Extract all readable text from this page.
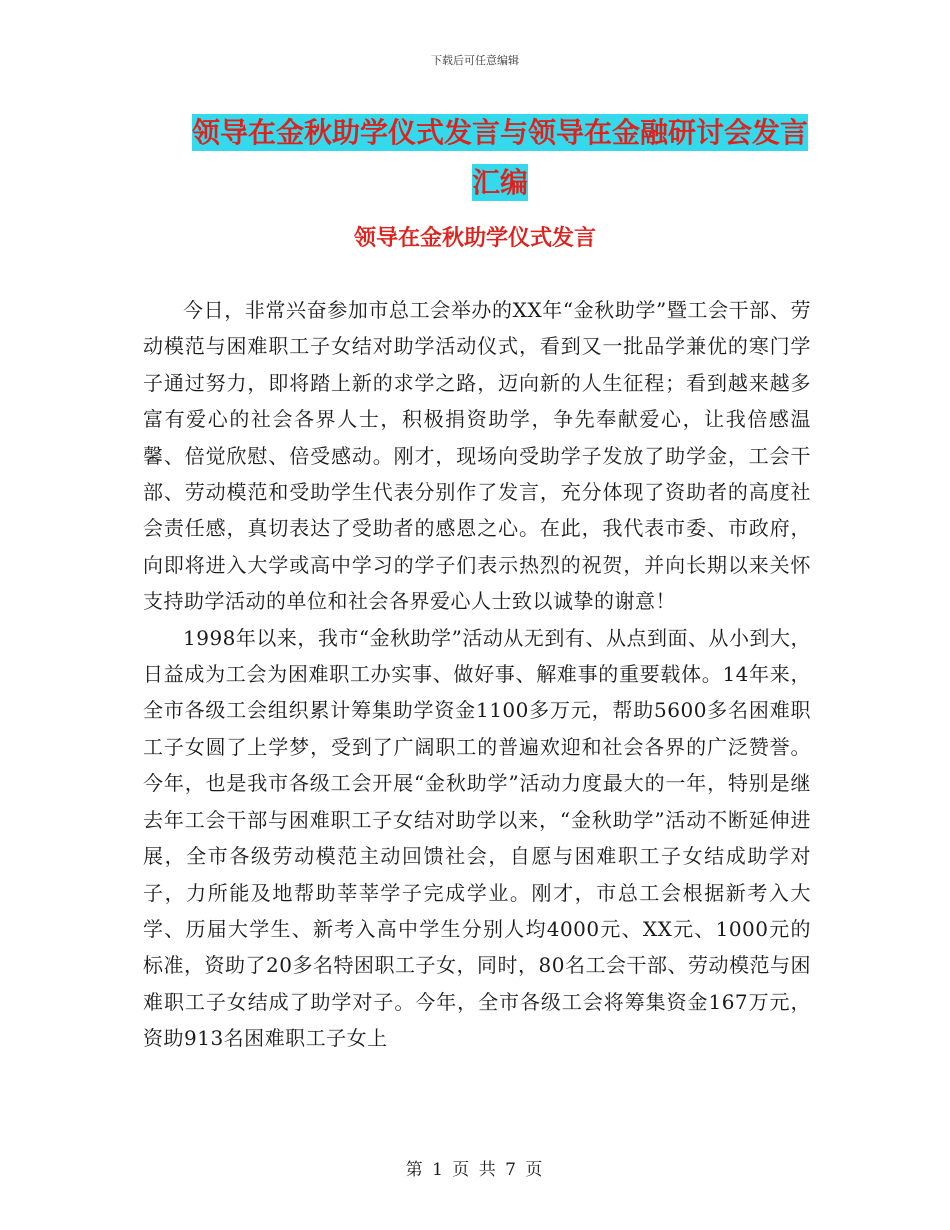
下载后可任意编辑
领导在金秋助学仪式发言与领导在金融研讨会发言汇编
领导在金秋助学仪式发言

今日，非常兴奋参加市总工会举办的XX年“金秋助学”暨工会干部、劳动模范与困难职工子女结对助学活动仪式，看到又一批品学兼优的寒门学子通过努力，即将踏上新的求学之路，迈向新的人生征程；看到越来越多富有爱心的社会各界人士，积极捐资助学，争先奉献爱心，让我倍感温馨、倍觉欣慰、倍受感动。刚才，现场向受助学子发放了助学金，工会干部、劳动模范和受助学生代表分别作了发言，充分体现了资助者的高度社会责任感，真切表达了受助者的感恩之心。在此，我代表市委、市政府，向即将进入大学或高中学习的学子们表示热烈的祝贺，并向长期以来关怀支持助学活动的单位和社会各界爱心人士致以诚挚的谢意！

1998年以来，我市“金秋助学”活动从无到有、从点到面、从小到大，日益成为工会为困难职工办实事、做好事、解难事的重要载体。14年来，全市各级工会组织累计筹集助学资金1100多万元，帮助5600多名困难职工子女圆了上学梦，受到了广阔职工的普遍欢迎和社会各界的广泛赞誉。今年，也是我市各级工会开展“金秋助学”活动力度最大的一年，特别是继去年工会干部与困难职工子女结对助学以来，“金秋助学”活动不断延伸进展，全市各级劳动模范主动回馈社会，自愿与困难职工子女结成助学对子，力所能及地帮助莘莘学子完成学业。刚才，市总工会根据新考入大学、历届大学生、新考入高中学生分别人均4000元、XX元、1000元的标准，资助了20多名特困职工子女，同时，80名工会干部、劳动模范与困难职工子女结成了助学对子。今年，全市各级工会将筹集资金167万元，资助913名困难职工子女上

第 1 页 共 7 页
